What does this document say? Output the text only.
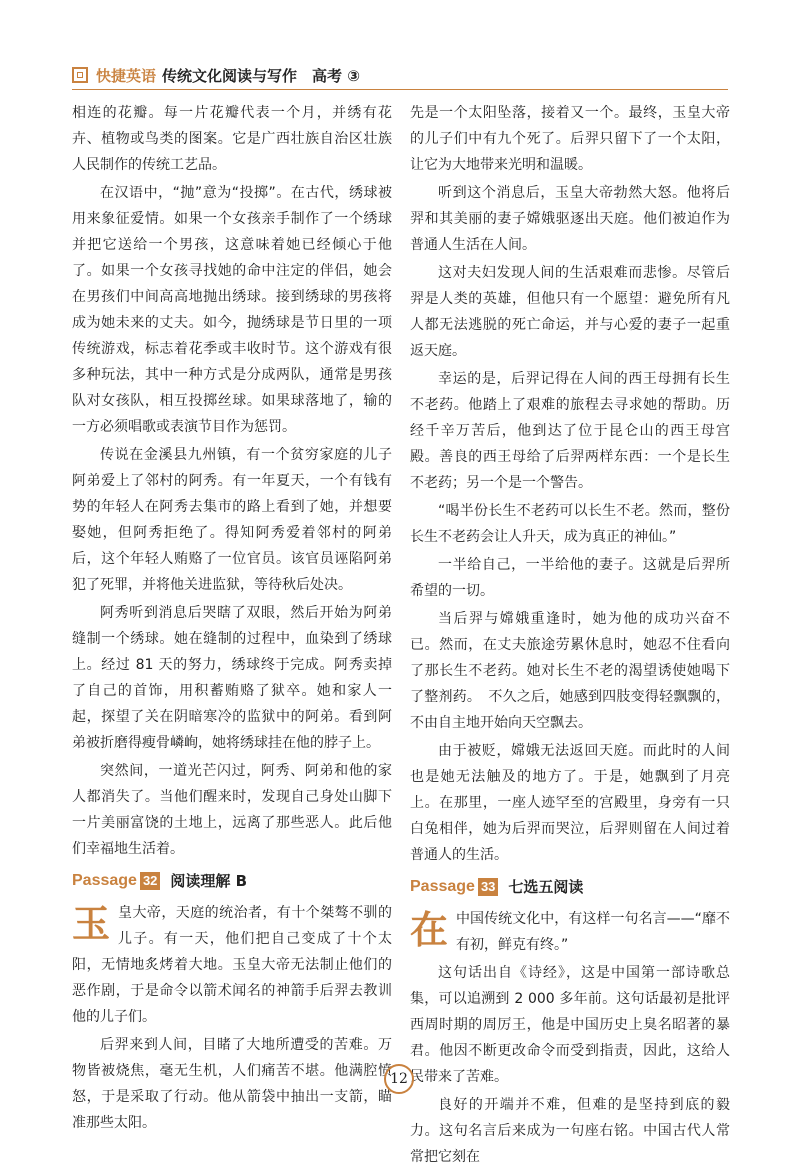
快捷英语 传统文化阅读与写作　高考 ③

相连的花瓣。每一片花瓣代表一个月，并绣有花卉、植物或鸟类的图案。它是广西壮族自治区壮族人民制作的传统工艺品。

在汉语中，“抛”意为“投掷”。在古代，绣球被用来象征爱情。如果一个女孩亲手制作了一个绣球并把它送给一个男孩，这意味着她已经倾心于他了。如果一个女孩寻找她的命中注定的伴侣，她会在男孩们中间高高地抛出绣球。接到绣球的男孩将成为她未来的丈夫。如今，抛绣球是节日里的一项传统游戏，标志着花季或丰收时节。这个游戏有很多种玩法，其中一种方式是分成两队，通常是男孩队对女孩队，相互投掷丝球。如果球落地了，输的一方必须唱歌或表演节目作为惩罚。

传说在金溪县九州镇，有一个贫穷家庭的儿子阿弟爱上了邻村的阿秀。有一年夏天，一个有钱有势的年轻人在阿秀去集市的路上看到了她，并想要娶她，但阿秀拒绝了。得知阿秀爱着邻村的阿弟后，这个年轻人贿赂了一位官员。该官员诬陷阿弟犯了死罪，并将他关进监狱，等待秋后处决。

阿秀听到消息后哭瞎了双眼，然后开始为阿弟缝制一个绣球。她在缝制的过程中，血染到了绣球上。经过 81 天的努力，绣球终于完成。阿秀卖掉了自己的首饰，用积蓄贿赂了狱卒。她和家人一起，探望了关在阴暗寒冷的监狱中的阿弟。看到阿弟被折磨得瘦骨嶙峋，她将绣球挂在他的脖子上。

突然间，一道光芒闪过，阿秀、阿弟和他的家人都消失了。当他们醒来时，发现自己身处山脚下一片美丽富饶的土地上，远离了那些恶人。此后他们幸福地生活着。

Passage 32 阅读理解 B

玉 皇大帝，天庭的统治者，有十个桀骜不驯的儿子。有一天，他们把自己变成了十个太阳，无情地炙烤着大地。玉皇大帝无法制止他们的恶作剧，于是命令以箭术闻名的神箭手后羿去教训他的儿子们。

后羿来到人间，目睹了大地所遭受的苦难。万物皆被烧焦，毫无生机，人们痛苦不堪。他满腔愤怒，于是采取了行动。他从箭袋中抽出一支箭，瞄准那些太阳。

先是一个太阳坠落，接着又一个。最终，玉皇大帝的儿子们中有九个死了。后羿只留下了一个太阳，让它为大地带来光明和温暖。

听到这个消息后，玉皇大帝勃然大怒。他将后羿和其美丽的妻子嫦娥驱逐出天庭。他们被迫作为普通人生活在人间。

这对夫妇发现人间的生活艰难而悲惨。尽管后羿是人类的英雄，但他只有一个愿望：避免所有凡人都无法逃脱的死亡命运，并与心爱的妻子一起重返天庭。

幸运的是，后羿记得在人间的西王母拥有长生不老药。他踏上了艰难的旅程去寻求她的帮助。历经千辛万苦后，他到达了位于昆仑山的西王母宫殿。善良的西王母给了后羿两样东西：一个是长生不老药；另一个是一个警告。

“喝半份长生不老药可以长生不老。然而，整份长生不老药会让人升天，成为真正的神仙。”

一半给自己，一半给他的妻子。这就是后羿所希望的一切。

当后羿与嫦娥重逢时，她为他的成功兴奋不已。然而，在丈夫旅途劳累休息时，她忍不住看向了那长生不老药。她对长生不老的渴望诱使她喝下了整剂药。　不久之后，她感到四肢变得轻飘飘的，不由自主地开始向天空飘去。

由于被贬，嫦娥无法返回天庭。而此时的人间也是她无法触及的地方了。于是，她飘到了月亮上。在那里，一座人迹罕至的宫殿里，身旁有一只白兔相伴，她为后羿而哭泣，后羿则留在人间过着普通人的生活。

Passage 33 七选五阅读

在 中国传统文化中，有这样一句名言——“靡不有初，鲜克有终。”

这句话出自《诗经》，这是中国第一部诗歌总集，可以追溯到 2 000 多年前。这句话最初是批评西周时期的周厉王，他是中国历史上臭名昭著的暴君。他因不断更改命令而受到指责，因此，这给人民带来了苦难。

良好的开端并不难，但难的是坚持到底的毅力。这句名言后来成为一句座右铭。中国古代人常常把它刻在

12
